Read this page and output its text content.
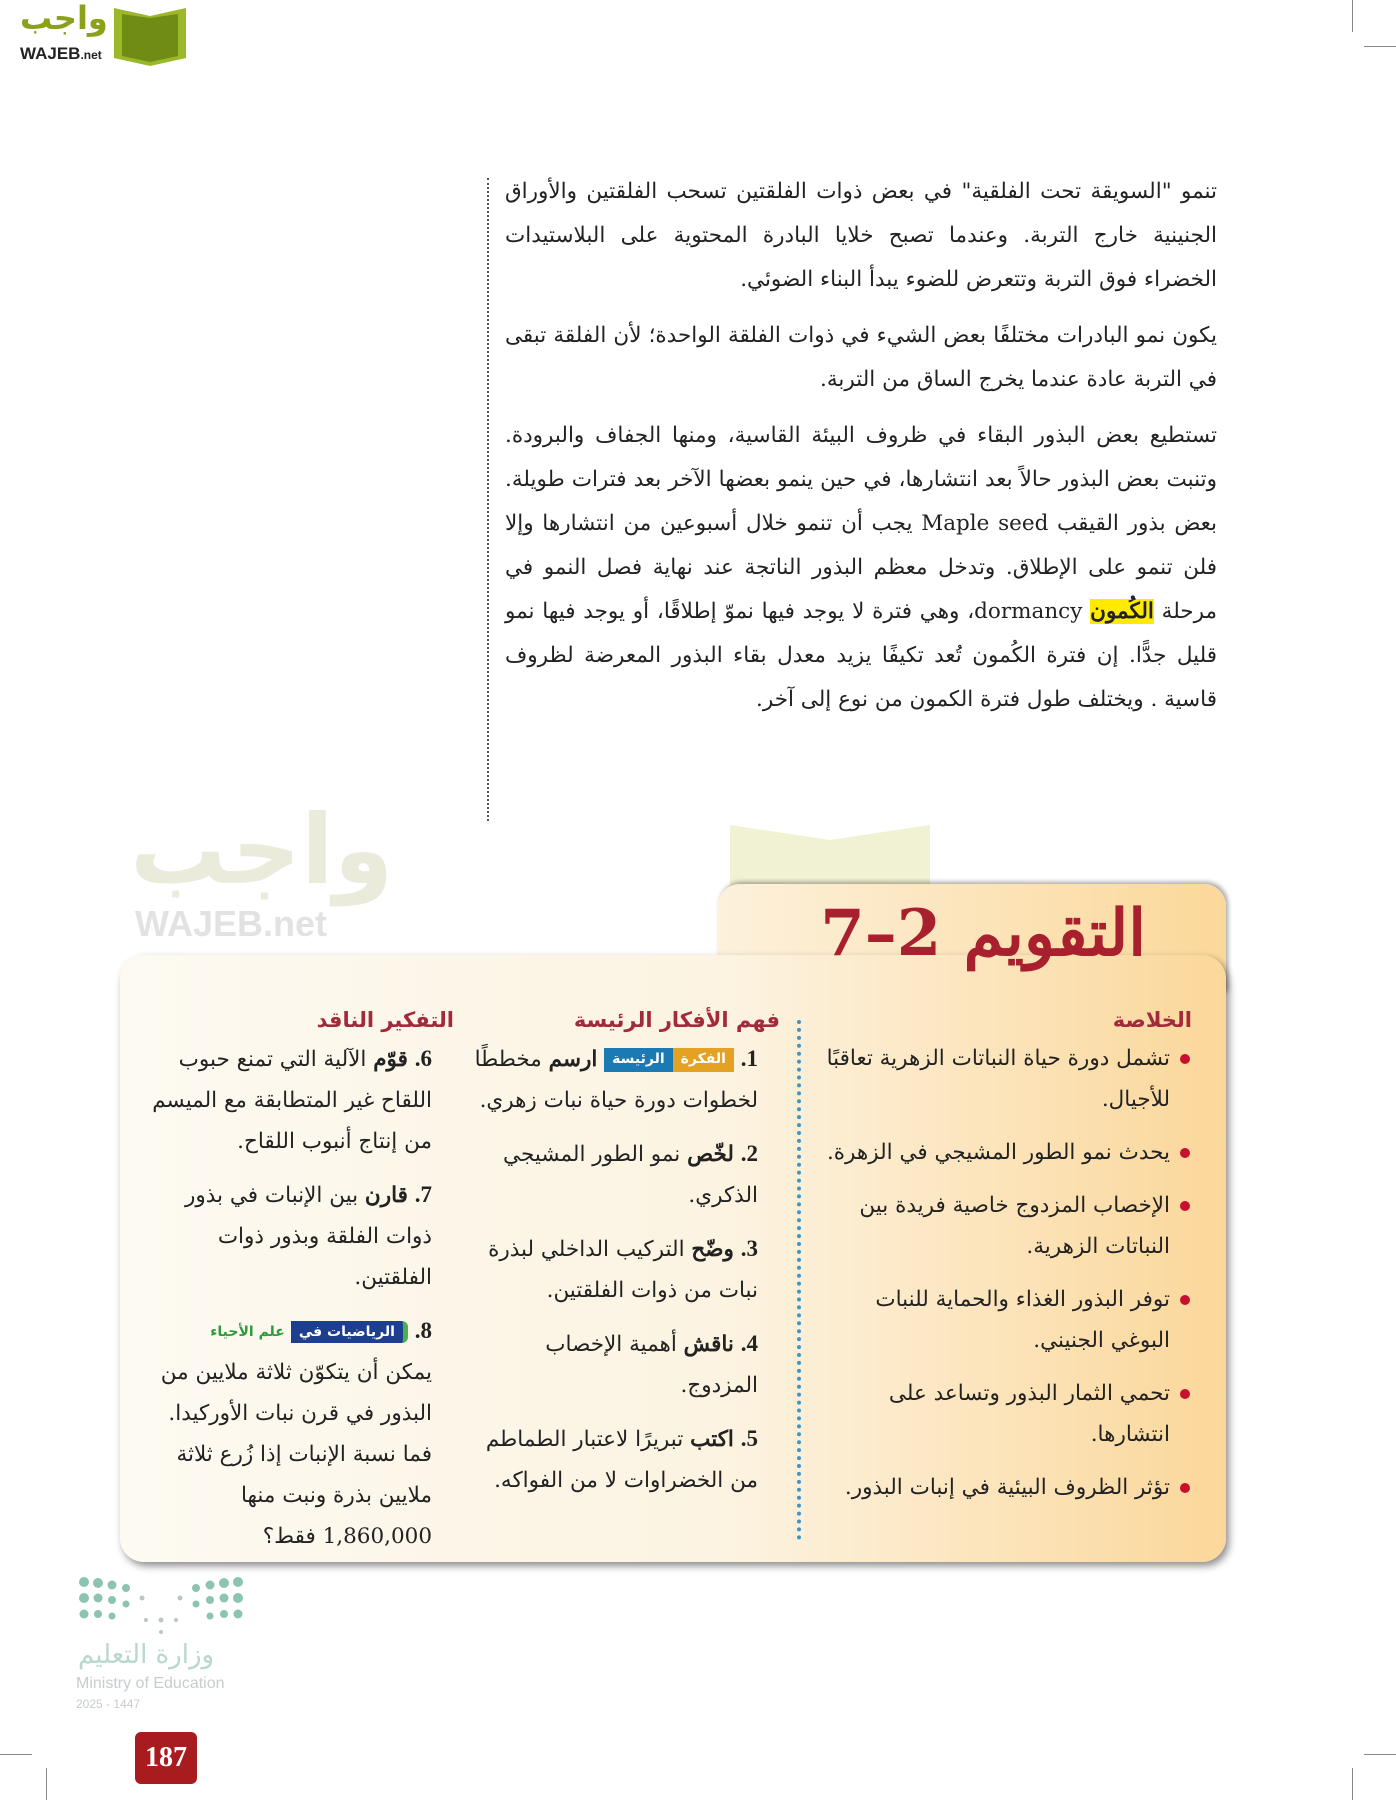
واجب
WAJEB.net
واجب
WAJEB.net

تنمو "السويقة تحت الفلقية" في بعض ذوات الفلقتين تسحب الفلقتين والأوراق الجنينية خارج التربة. وعندما تصبح خلايا البادرة المحتوية على البلاستيدات الخضراء فوق التربة وتتعرض للضوء يبدأ البناء الضوئي.

يكون نمو البادرات مختلفًا بعض الشيء في ذوات الفلقة الواحدة؛ لأن الفلقة تبقى في التربة عادة عندما يخرج الساق من التربة.

تستطيع بعض البذور البقاء في ظروف البيئة القاسية، ومنها الجفاف والبرودة. وتنبت بعض البذور حالاً بعد انتشارها، في حين ينمو بعضها الآخر بعد فترات طويلة. بعض بذور القيقب Maple seed يجب أن تنمو خلال أسبوعين من انتشارها وإلا فلن تنمو على الإطلاق. وتدخل معظم البذور الناتجة عند نهاية فصل النمو في مرحلة الكُمون dormancy، وهي فترة لا يوجد فيها نموّ إطلاقًا، أو يوجد فيها نمو قليل جدًّا. إن فترة الكُمون تُعد تكيفًا يزيد معدل بقاء البذور المعرضة لظروف قاسية . ويختلف طول فترة الكمون من نوع إلى آخر.

التقويم 2–7
الخلاصة
تشمل دورة حياة النباتات الزهرية تعاقبًا للأجيال.
يحدث نمو الطور المشيجي في الزهرة.
الإخصاب المزدوج خاصية فريدة بين النباتات الزهرية.
توفر البذور الغذاء والحماية للنبات البوغي الجنيني.
تحمي الثمار البذور وتساعد على انتشارها.
تؤثر الظروف البيئية في إنبات البذور.
فهم الأفكار الرئيسة
1.
الفكرة
الرئيسة
ارسم مخططًا لخطوات دورة حياة نبات زهري.
2. لخّص نمو الطور المشيجي الذكري.
3. وضّح التركيب الداخلي لبذرة نبات من ذوات الفلقتين.
4. ناقش أهمية الإخصاب المزدوج.
5. اكتب تبريرًا لاعتبار الطماطم من الخضراوات لا من الفواكه.
التفكير الناقد
6. قوّم الآلية التي تمنع حبوب اللقاح غير المتطابقة مع الميسم من إنتاج أنبوب اللقاح.
7. قارن بين الإنبات في بذور ذوات الفلقة وبذور ذوات الفلقتين.
8.
الرياضيات في
علم الأحياء

يمكن أن يتكوّن ثلاثة ملايين من البذور في قرن نبات الأوركيدا. فما نسبة الإنبات إذا زُرع ثلاثة ملايين بذرة ونبت منها 1,860,000 فقط؟
وزارة التعليم
Ministry of Education
2025 - 1447
187
